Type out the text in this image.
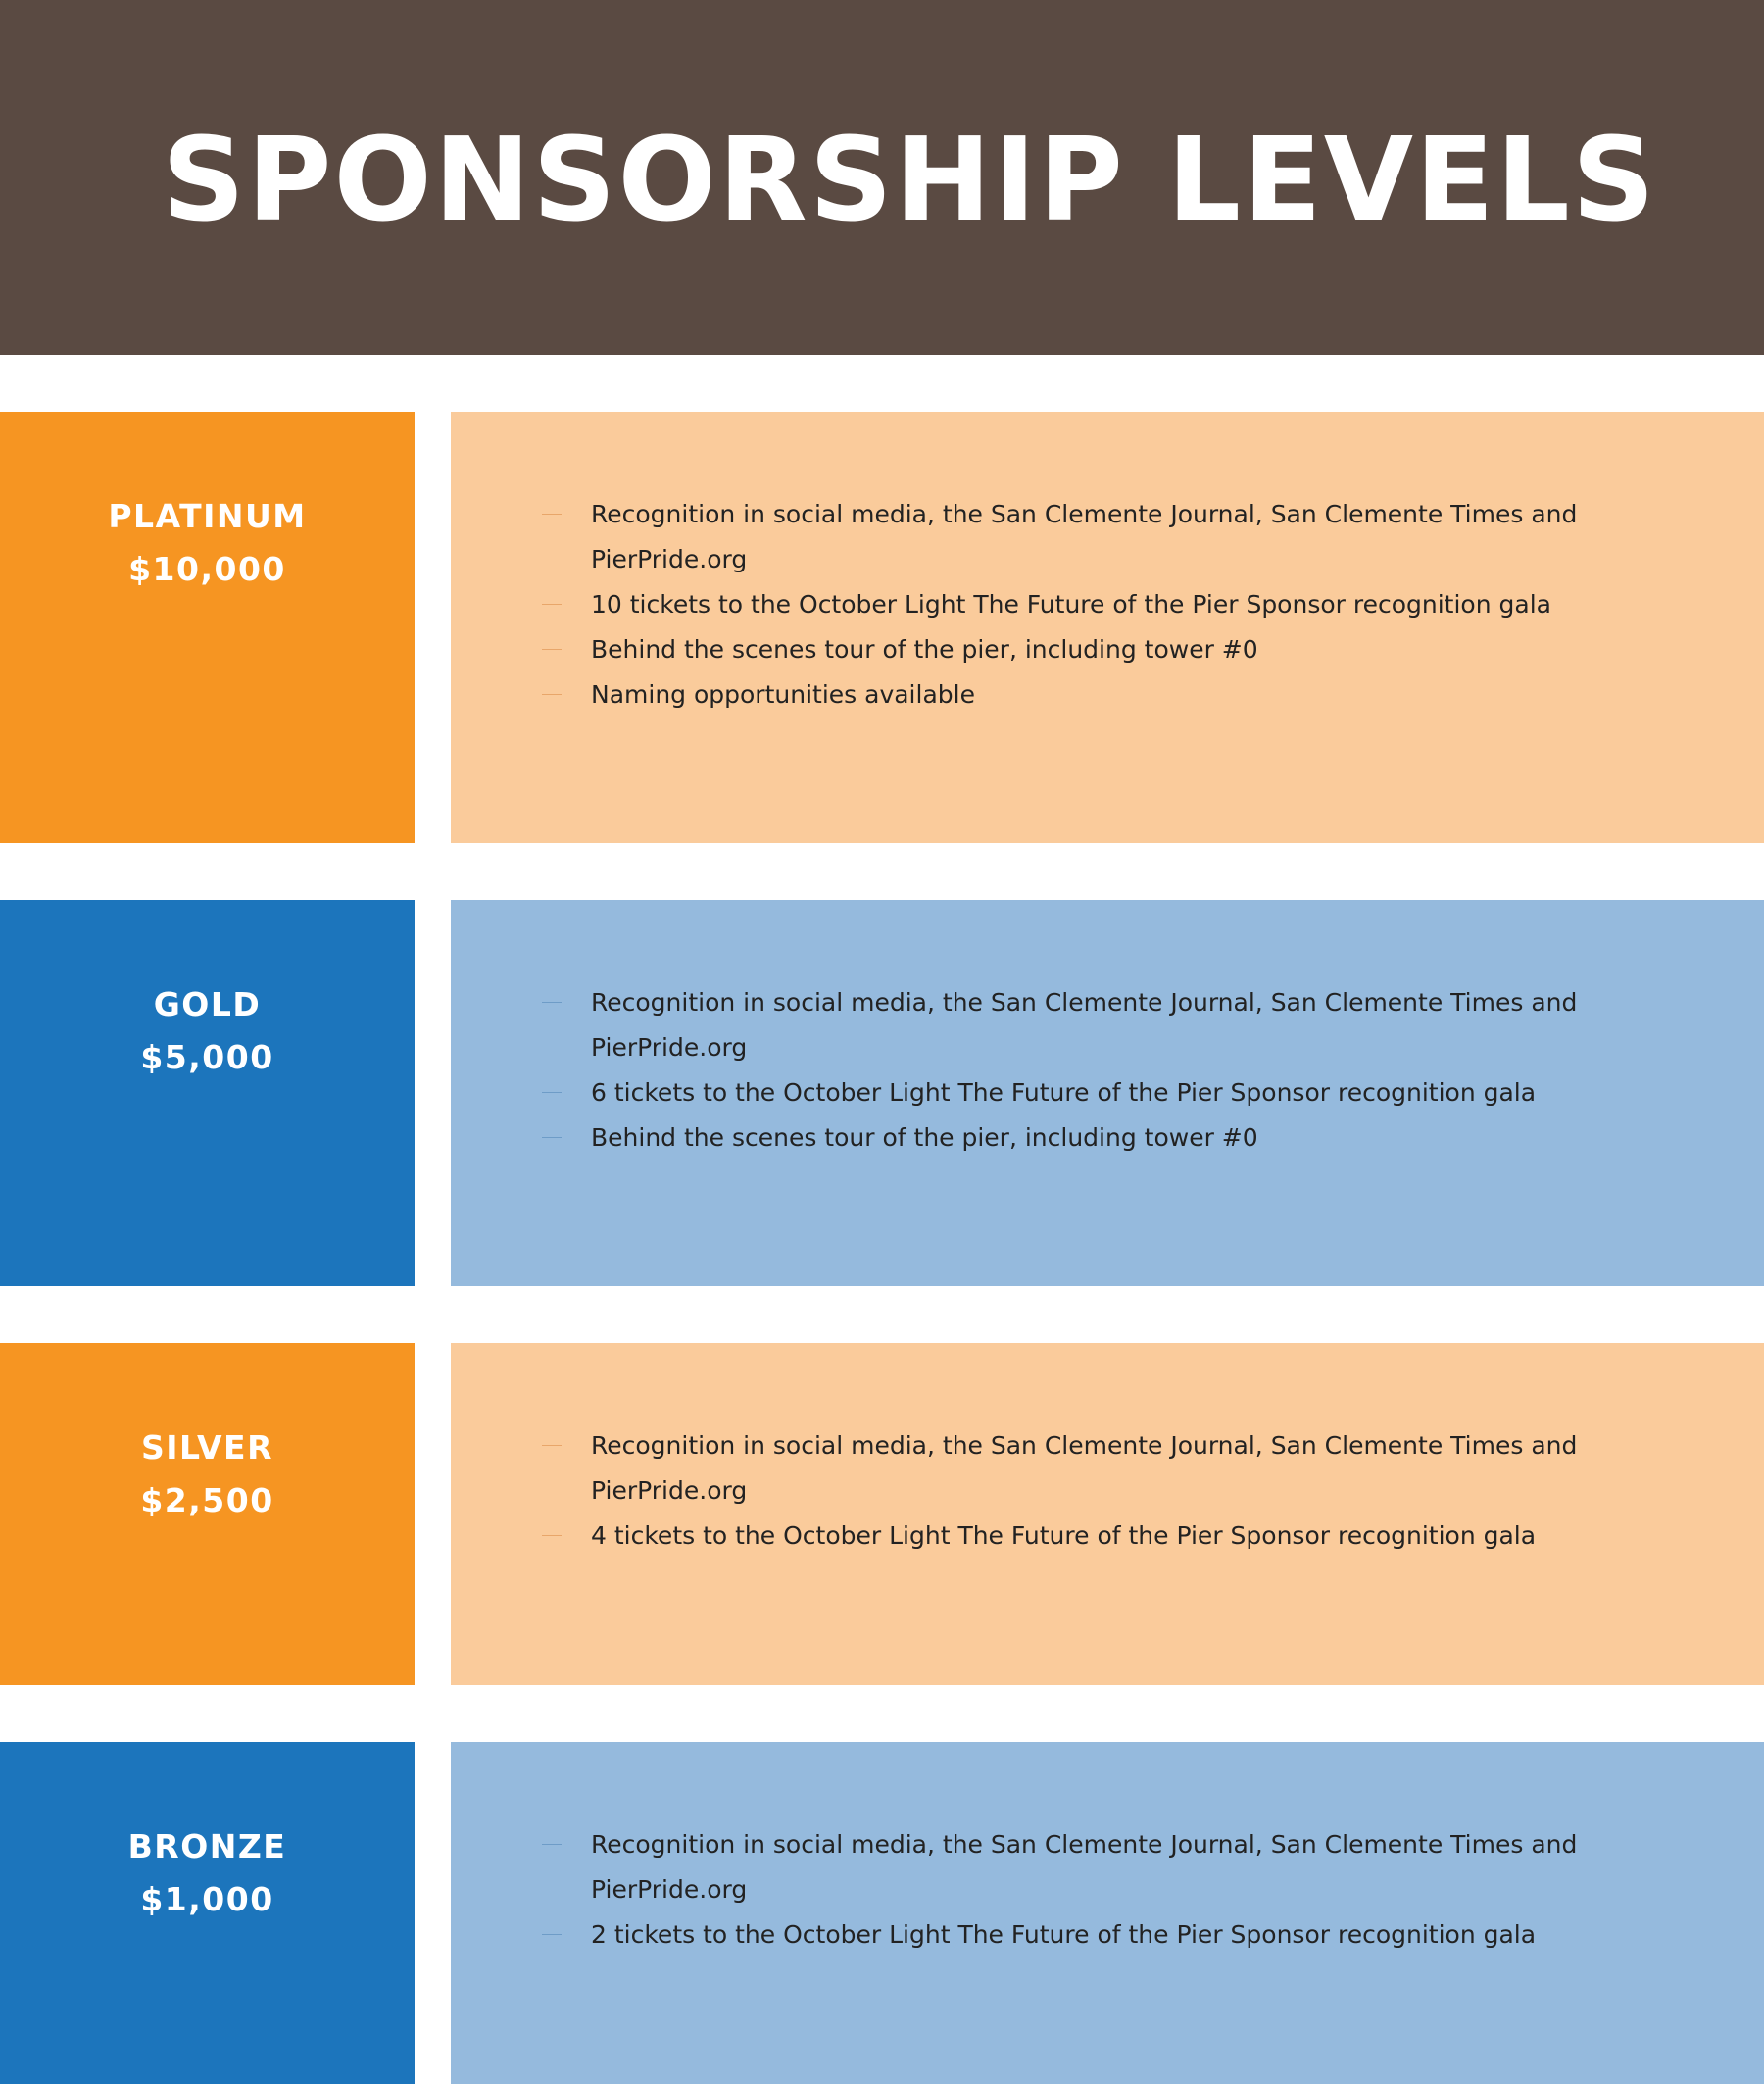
SPONSORSHIP LEVELS
PLATINUM
$10,000
Recognition in social media, the San Clemente Journal, San Clemente Times and PierPride.org
10 tickets to the October Light The Future of the Pier Sponsor recognition gala
Behind the scenes tour of the pier, including tower #0
Naming opportunities available
GOLD
$5,000
Recognition in social media, the San Clemente Journal, San Clemente Times and PierPride.org
6 tickets to the October Light The Future of the Pier Sponsor recognition gala
Behind the scenes tour of the pier, including tower #0
SILVER
$2,500
Recognition in social media, the San Clemente Journal, San Clemente Times and PierPride.org
4 tickets to the October Light The Future of the Pier Sponsor recognition gala
BRONZE
$1,000
Recognition in social media, the San Clemente Journal, San Clemente Times and PierPride.org
2 tickets to the October Light The Future of the Pier Sponsor recognition gala
